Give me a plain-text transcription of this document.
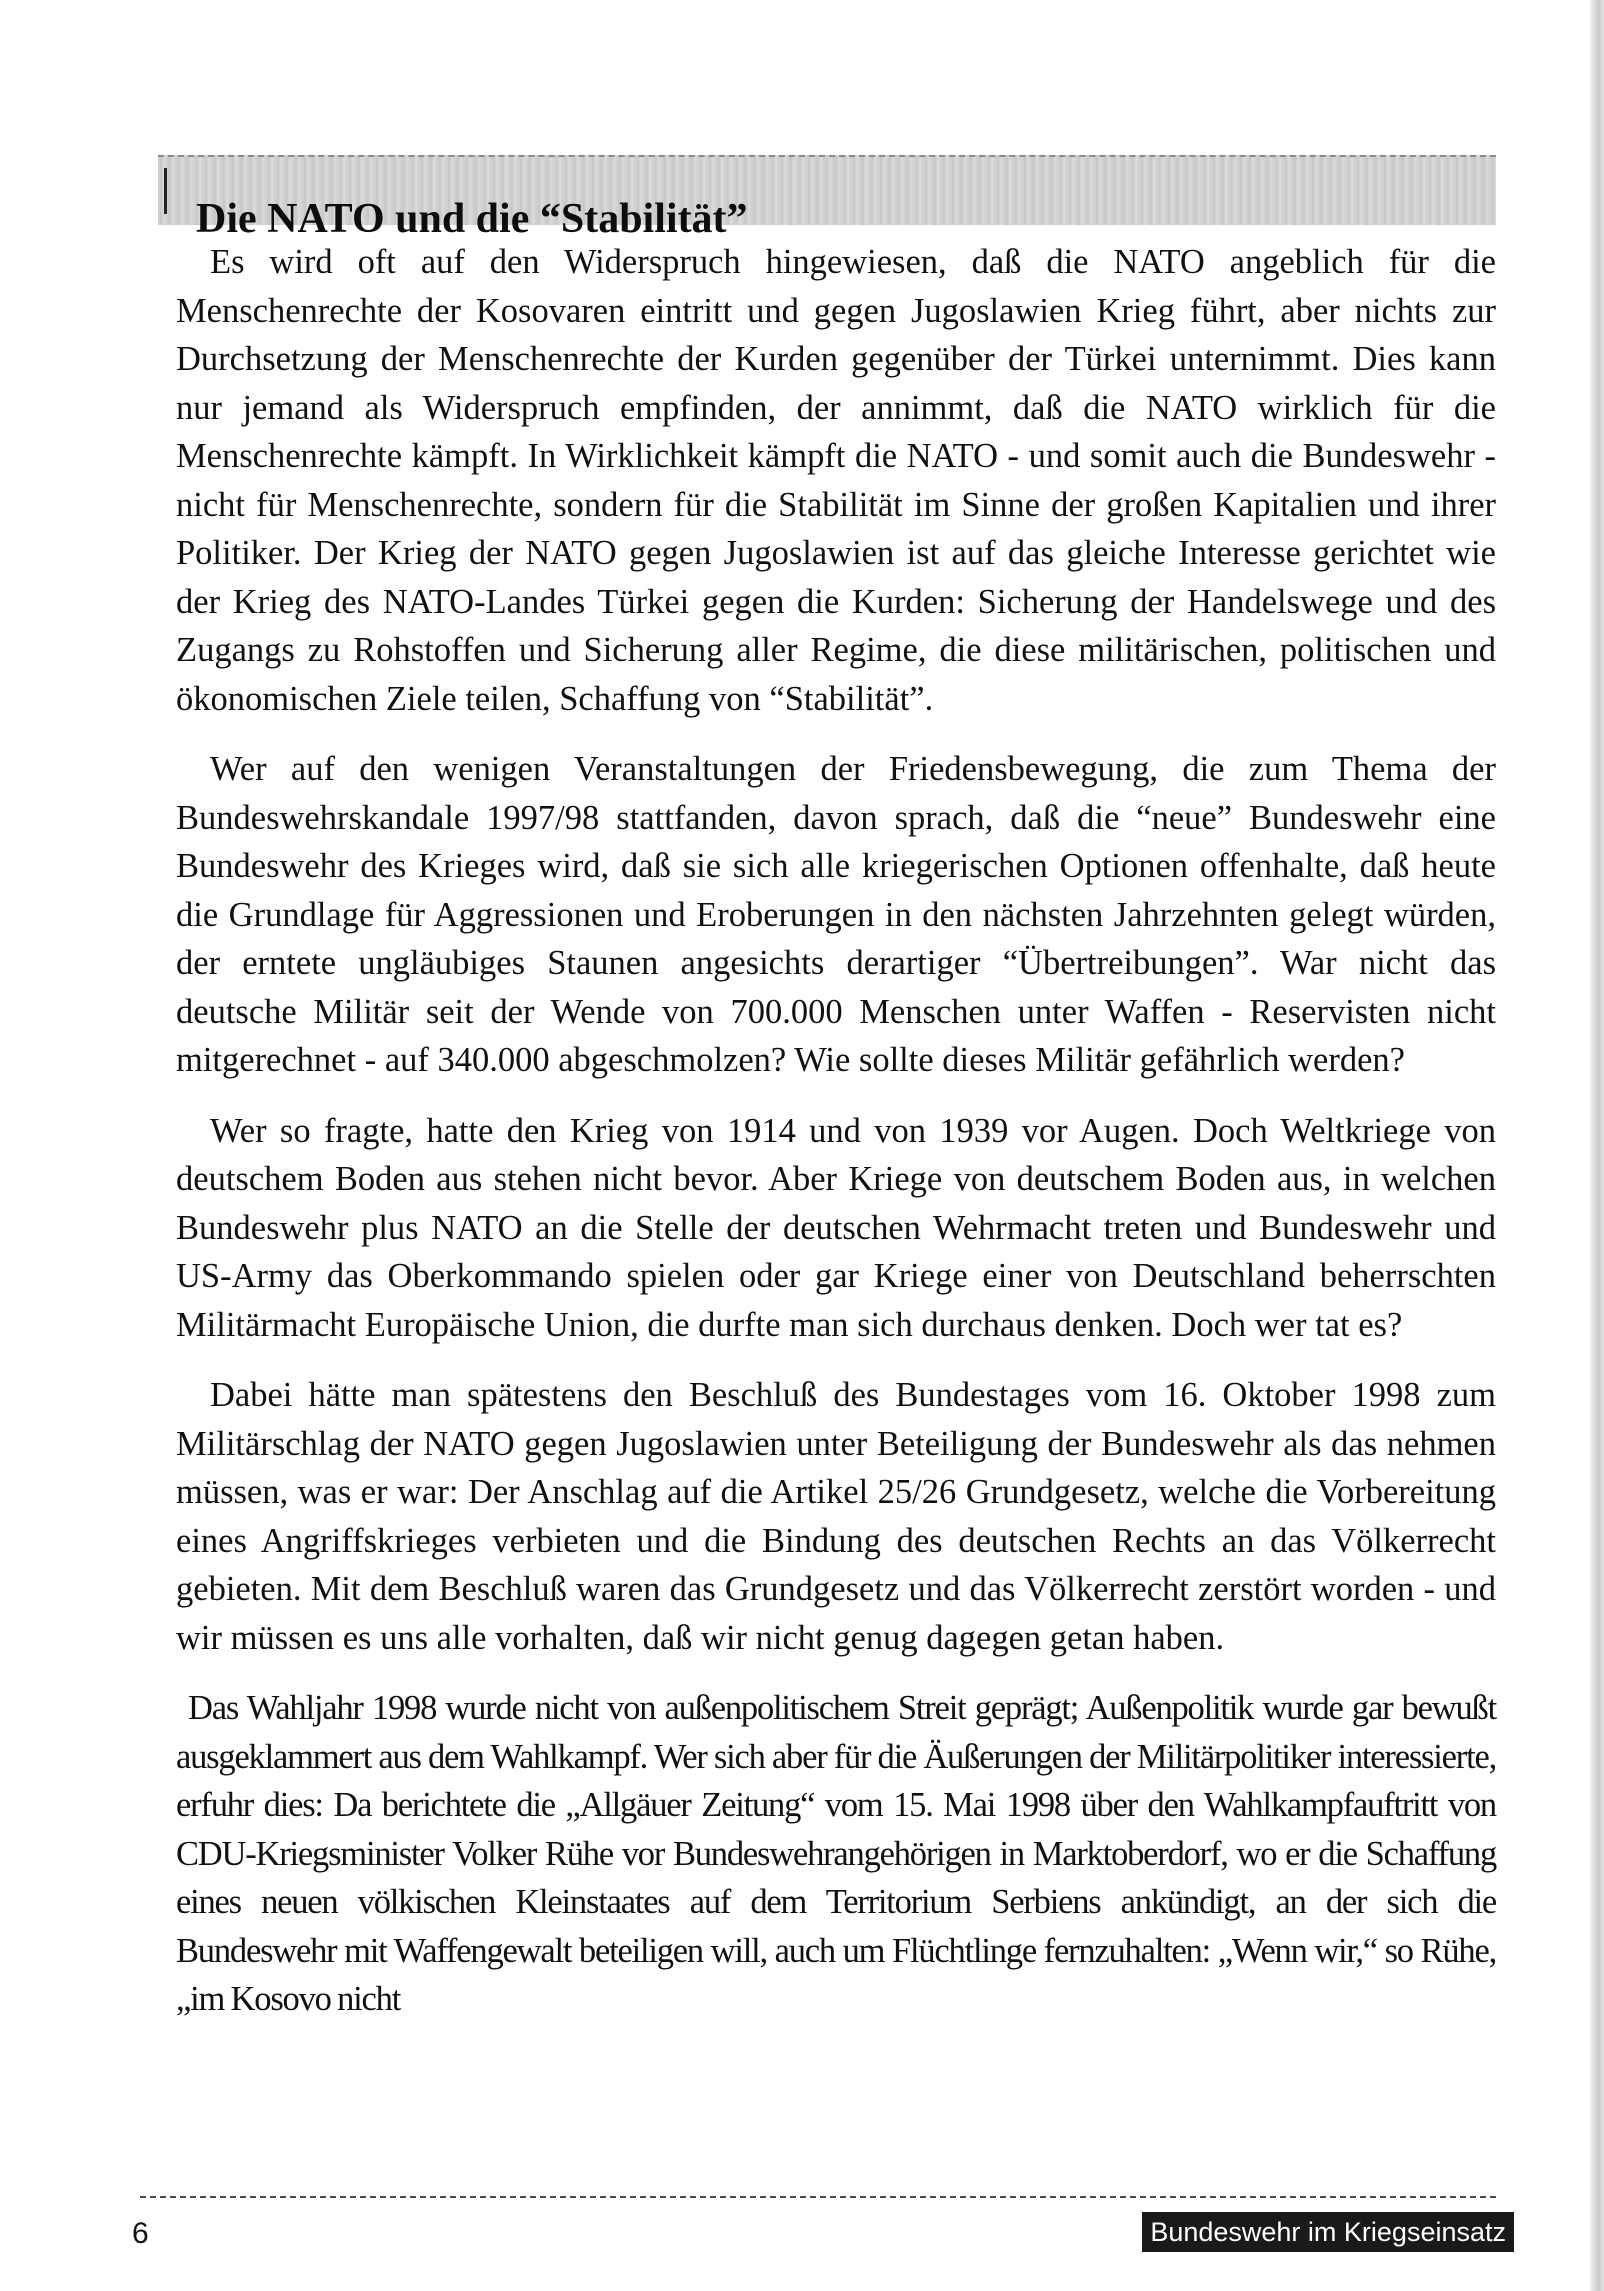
Die NATO und die “Stabilität”

Es wird oft auf den Widerspruch hingewiesen, daß die NATO angeblich für die Menschenrechte der Kosovaren eintritt und gegen Jugoslawien Krieg führt, aber nichts zur Durchsetzung der Menschenrechte der Kurden gegenüber der Türkei unternimmt. Dies kann nur jemand als Widerspruch empfinden, der annimmt, daß die NATO wirklich für die Menschenrechte kämpft. In Wirklichkeit kämpft die NATO - und somit auch die Bundeswehr - nicht für Menschenrechte, sondern für die Stabilität im Sinne der großen Kapitalien und ihrer Politiker. Der Krieg der NATO gegen Jugoslawien ist auf das gleiche Interesse gerichtet wie der Krieg des NATO-Landes Türkei gegen die Kurden: Sicherung der Handelswege und des Zugangs zu Rohstoffen und Sicherung aller Regime, die diese militärischen, politischen und ökonomischen Ziele teilen, Schaffung von “Stabilität”.

Wer auf den wenigen Veranstaltungen der Friedensbewegung, die zum Thema der Bundeswehrskandale 1997/98 stattfanden, davon sprach, daß die “neue” Bundeswehr eine Bundeswehr des Krieges wird, daß sie sich alle kriegerischen Optionen offenhalte, daß heute die Grundlage für Aggressionen und Eroberungen in den nächsten Jahrzehnten gelegt würden, der erntete ungläubiges Staunen angesichts derartiger “Übertreibungen”. War nicht das deutsche Militär seit der Wende von 700.000 Menschen unter Waffen - Reservisten nicht mitgerechnet - auf 340.000 abgeschmolzen? Wie sollte dieses Militär gefährlich werden?

Wer so fragte, hatte den Krieg von 1914 und von 1939 vor Augen. Doch Weltkriege von deutschem Boden aus stehen nicht bevor. Aber Kriege von deutschem Boden aus, in welchen Bundeswehr plus NATO an die Stelle der deutschen Wehrmacht treten und Bundeswehr und US-Army das Oberkommando spielen oder gar Kriege einer von Deutschland beherrschten Militärmacht Europäische Union, die durfte man sich durchaus denken. Doch wer tat es?

Dabei hätte man spätestens den Beschluß des Bundestages vom 16. Oktober 1998 zum Militärschlag der NATO gegen Jugoslawien unter Beteiligung der Bundeswehr als das nehmen müssen, was er war: Der Anschlag auf die Artikel 25/26 Grundgesetz, welche die Vorbereitung eines Angriffskrieges verbieten und die Bindung des deutschen Rechts an das Völkerrecht gebieten. Mit dem Beschluß waren das Grundgesetz und das Völkerrecht zerstört worden - und wir müssen es uns alle vorhalten, daß wir nicht genug dagegen getan haben.

Das Wahljahr 1998 wurde nicht von außenpolitischem Streit geprägt; Außenpolitik wurde gar bewußt ausgeklammert aus dem Wahlkampf. Wer sich aber für die Äußerungen der Militärpolitiker interessierte, erfuhr dies: Da berichtete die „Allgäuer Zeitung“ vom 15. Mai 1998 über den Wahlkampfauftritt von CDU-Kriegsminister Volker Rühe vor Bundeswehrangehörigen in Marktoberdorf, wo er die Schaffung eines neuen völkischen Kleinstaates auf dem Territorium Serbiens ankündigt, an der sich die Bundeswehr mit Waffengewalt beteiligen will, auch um Flüchtlinge fernzuhalten: „Wenn wir,“ so Rühe, „im Kosovo nicht

6	Bundeswehr im Kriegseinsatz
